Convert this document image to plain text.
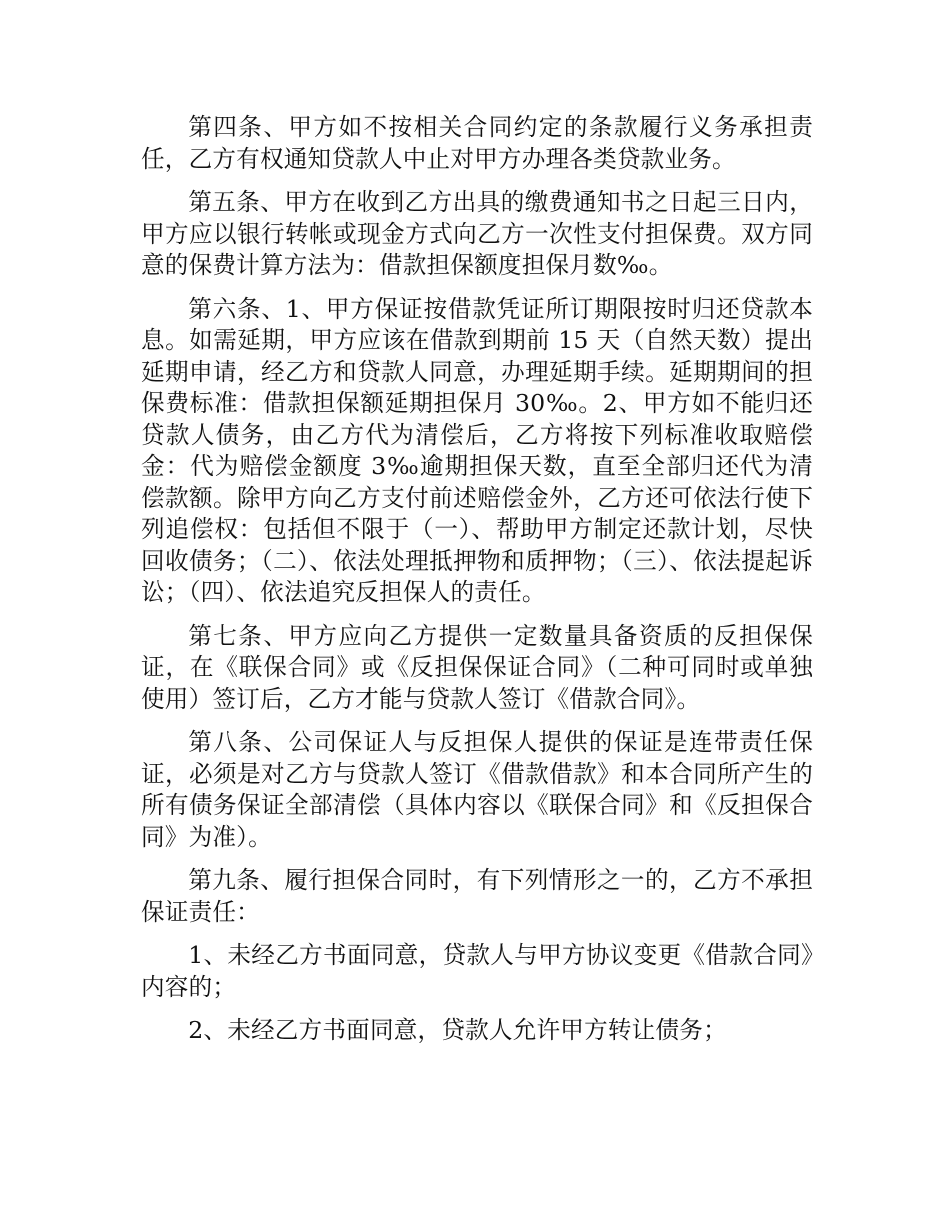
第四条、甲方如不按相关合同约定的条款履行义务承担责任，乙方有权通知贷款人中止对甲方办理各类贷款业务。

第五条、甲方在收到乙方出具的缴费通知书之日起三日内，甲方应以银行转帐或现金方式向乙方一次性支付担保费。双方同意的保费计算方法为：借款担保额度担保月数‰。

第六条、1、甲方保证按借款凭证所订期限按时归还贷款本息。如需延期，甲方应该在借款到期前 15 天（自然天数）提出延期申请，经乙方和贷款人同意，办理延期手续。延期期间的担保费标准：借款担保额延期担保月 30‰。2、甲方如不能归还贷款人债务，由乙方代为清偿后，乙方将按下列标准收取赔偿金：代为赔偿金额度 3‰逾期担保天数，直至全部归还代为清偿款额。除甲方向乙方支付前述赔偿金外，乙方还可依法行使下列追偿权：包括但不限于（一）、帮助甲方制定还款计划，尽快回收债务；（二）、依法处理抵押物和质押物；（三）、依法提起诉讼；（四）、依法追究反担保人的责任。

第七条、甲方应向乙方提供一定数量具备资质的反担保保证，在《联保合同》或《反担保保证合同》（二种可同时或单独使用）签订后，乙方才能与贷款人签订《借款合同》。

第八条、公司保证人与反担保人提供的保证是连带责任保证，必须是对乙方与贷款人签订《借款借款》和本合同所产生的所有债务保证全部清偿（具体内容以《联保合同》和《反担保合同》为准）。

第九条、履行担保合同时，有下列情形之一的，乙方不承担保证责任：

1、未经乙方书面同意，贷款人与甲方协议变更《借款合同》内容的；

2、未经乙方书面同意，贷款人允许甲方转让债务；
